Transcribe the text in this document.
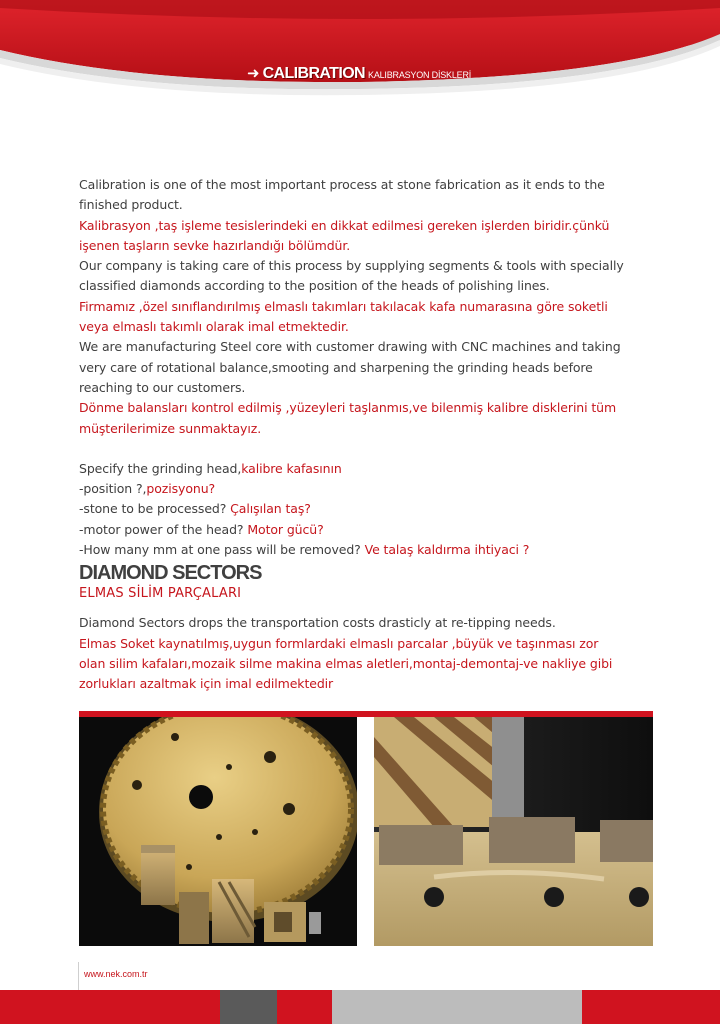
➜ CALIBRATION KALIBRASYON DİSKLERİ
Calibration is one of the most important process at stone fabrication as it ends to the
finished product.
Kalibrasyon ,taş işleme tesislerindeki en dikkat edilmesi gereken işlerden biridir.çünkü
işenen taşların sevke hazırlandığı bölümdür.
Our company is taking care of this process by supplying segments & tools with specially
classified diamonds according to the position of the heads of polishing lines.
Firmamız ,özel sınıflandırılmış elmaslı takımları takılacak kafa numarasına göre soketli
veya elmaslı takımlı olarak imal etmektedir.
We are manufacturing Steel core with customer drawing with CNC machines and taking
very care of rotational balance,smooting and sharpening the grinding heads before
reaching to our customers.
Dönme balansları kontrol edilmiş ,yüzeyleri taşlanmıs,ve bilenmiş kalibre disklerini tüm
müşterilerimize sunmaktayız.
Specify the grinding head,kalibre kafasının
-position ?,pozisyonu?
-stone to be processed? Çalışılan taş?
-motor power of the head? Motor gücü?
-How many mm at one pass will be removed? Ve talaş kaldırma ihtiyaci ?
DIAMOND SECTORS
ELMAS SİLİM PARÇALARI
Diamond Sectors drops the transportation costs drasticly at re-tipping needs.
Elmas Soket kaynatılmış,uygun formlardaki elmaslı parcalar ,büyük ve taşınması zor
olan silim kafaları,mozaik silme makina elmas aletleri,montaj-demontaj-ve nakliye gibi
zorlukları azaltmak için imal edilmektedir
www.nek.com.tr
